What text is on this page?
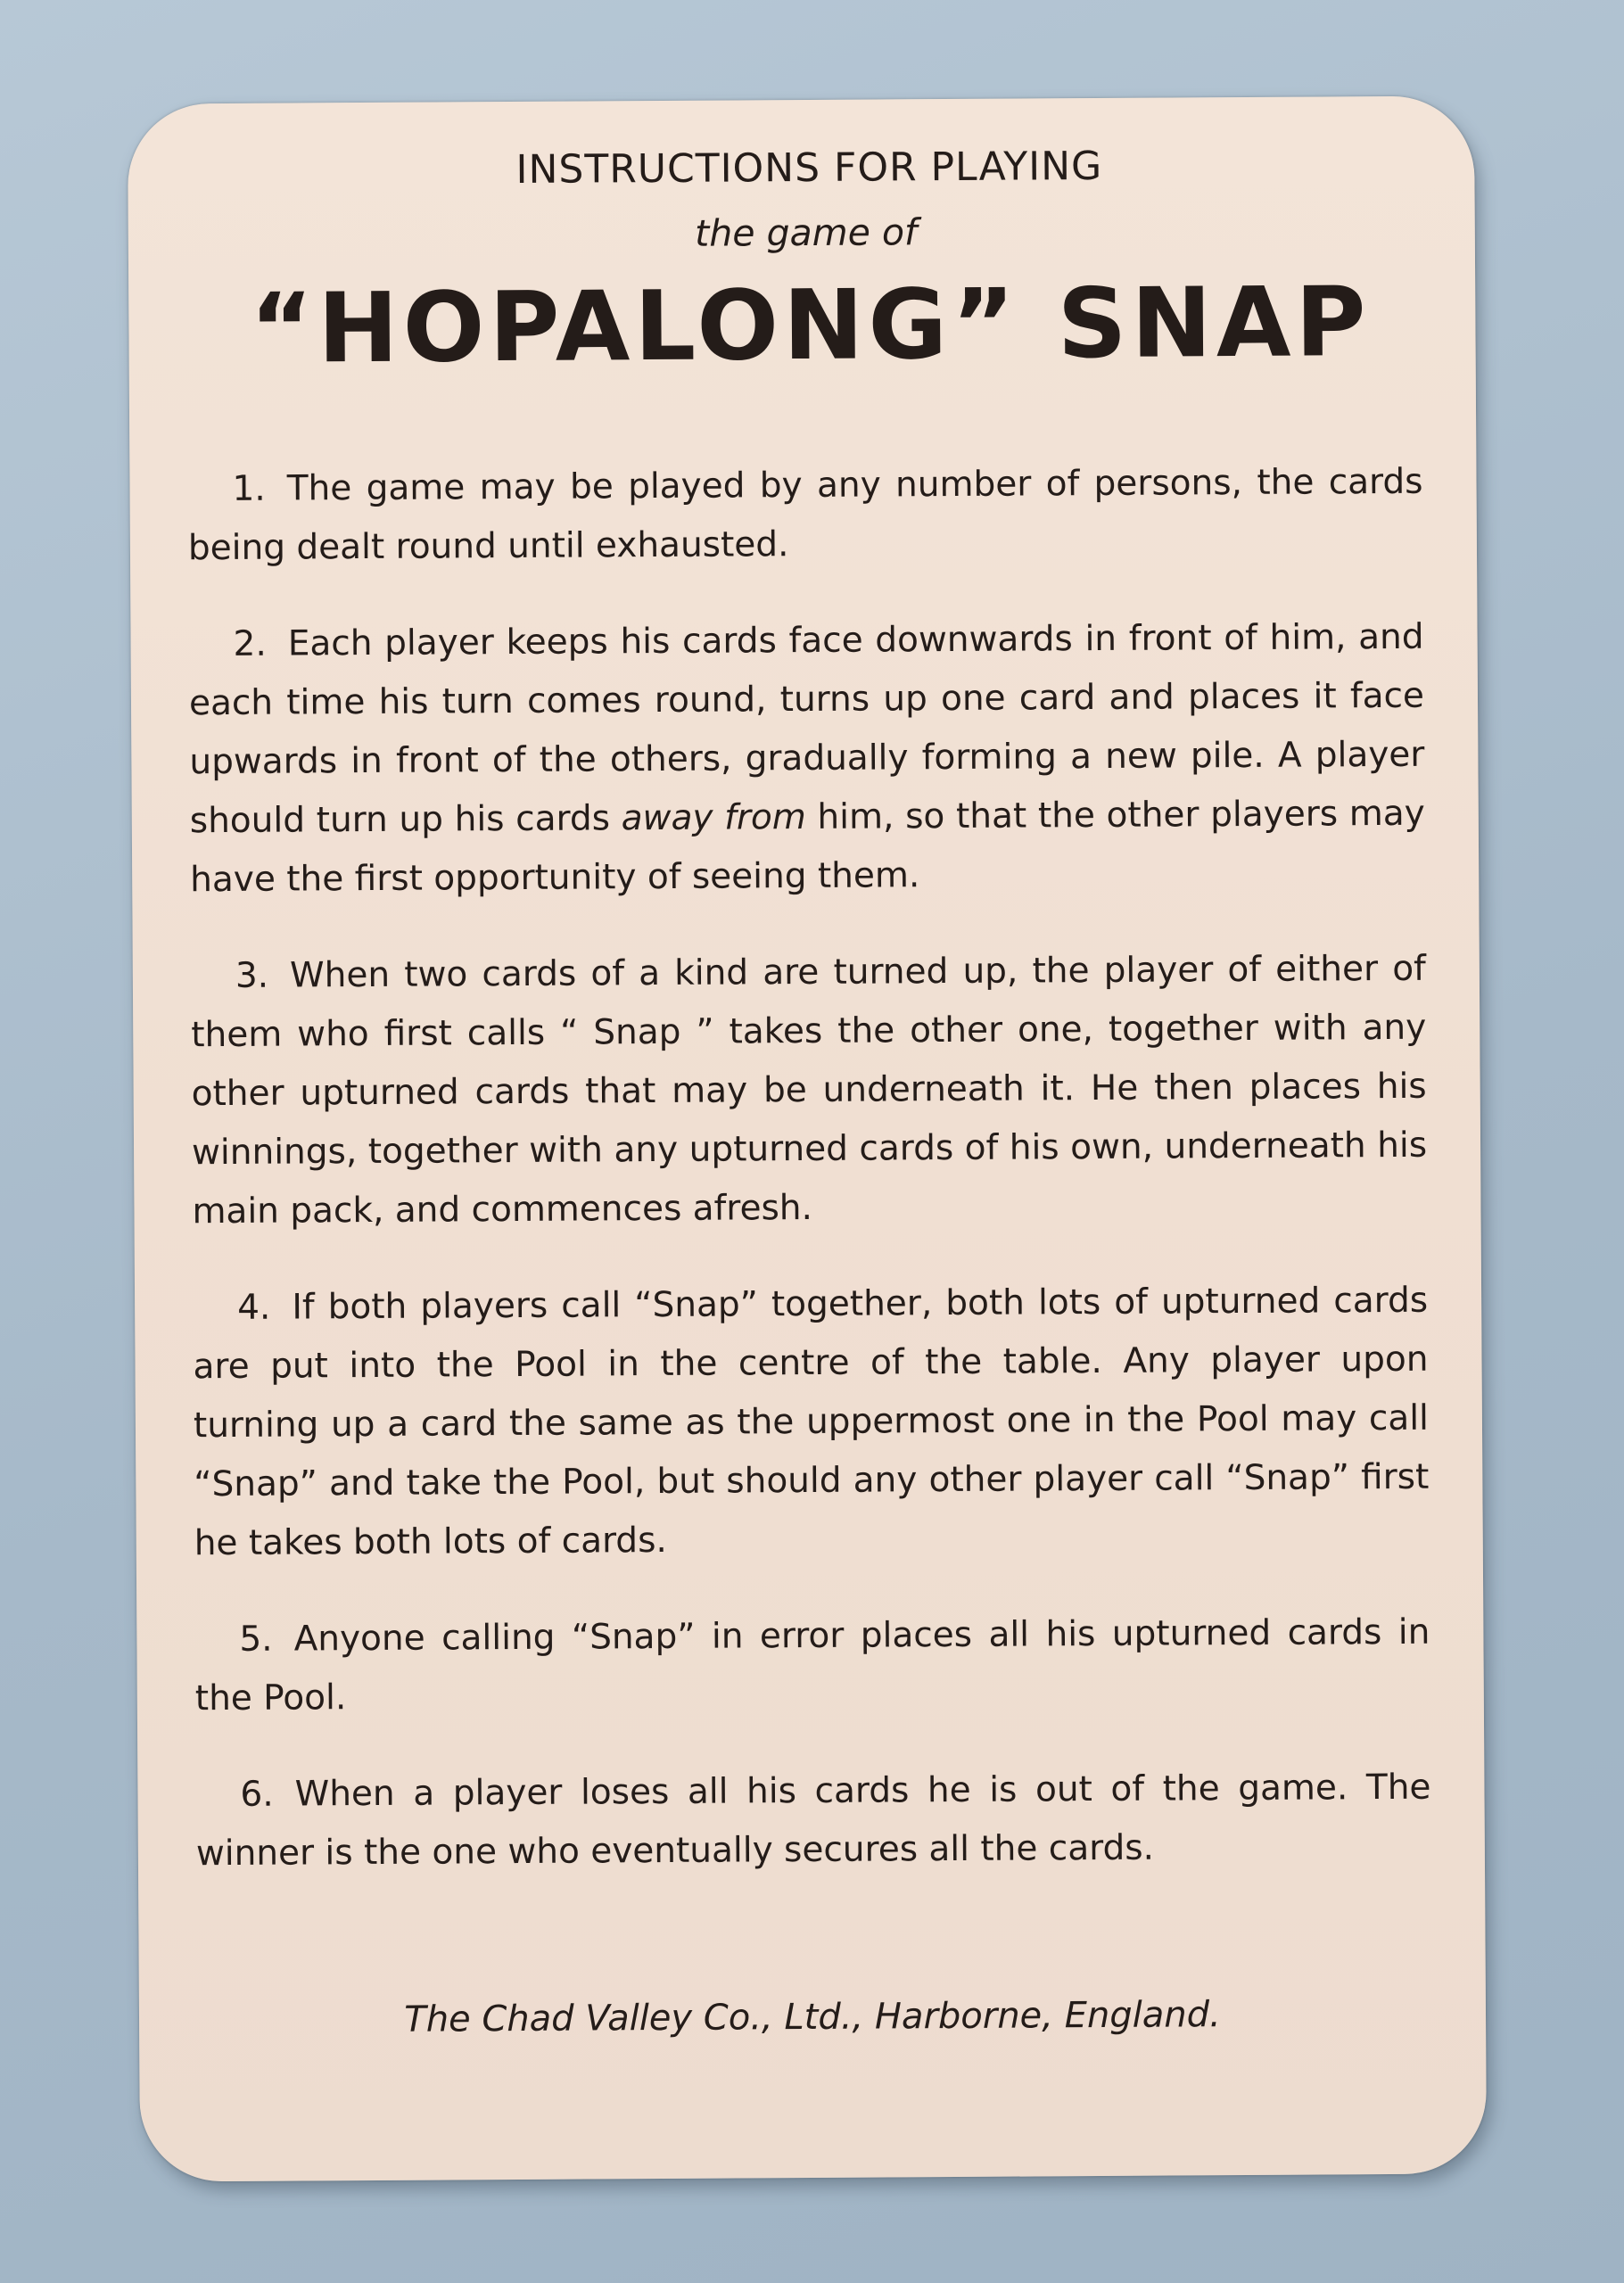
INSTRUCTIONS FOR PLAYING
the game of
“HOPALONG” SNAP

1. The game may be played by any number of persons, the cards being dealt round until exhausted.

2. Each player keeps his cards face downwards in front of him, and each time his turn comes round, turns up one card and places it face upwards in front of the others, gradually forming a new pile. A player should turn up his cards away from him, so that the other players may have the first opportunity of seeing them.

3. When two cards of a kind are turned up, the player of either of them who first calls “ Snap ” takes the other one, together with any other upturned cards that may be underneath it. He then places his winnings, together with any upturned cards of his own, underneath his main pack, and commences afresh.

4. If both players call “Snap” together, both lots of upturned cards are put into the Pool in the centre of the table. Any player upon turning up a card the same as the uppermost one in the Pool may call “Snap” and take the Pool, but should any other player call “Snap” first he takes both lots of cards.

5. Anyone calling “Snap” in error places all his upturned cards in the Pool.

6. When a player loses all his cards he is out of the game. The winner is the one who eventually secures all the cards.

The Chad Valley Co., Ltd., Harborne, England.
